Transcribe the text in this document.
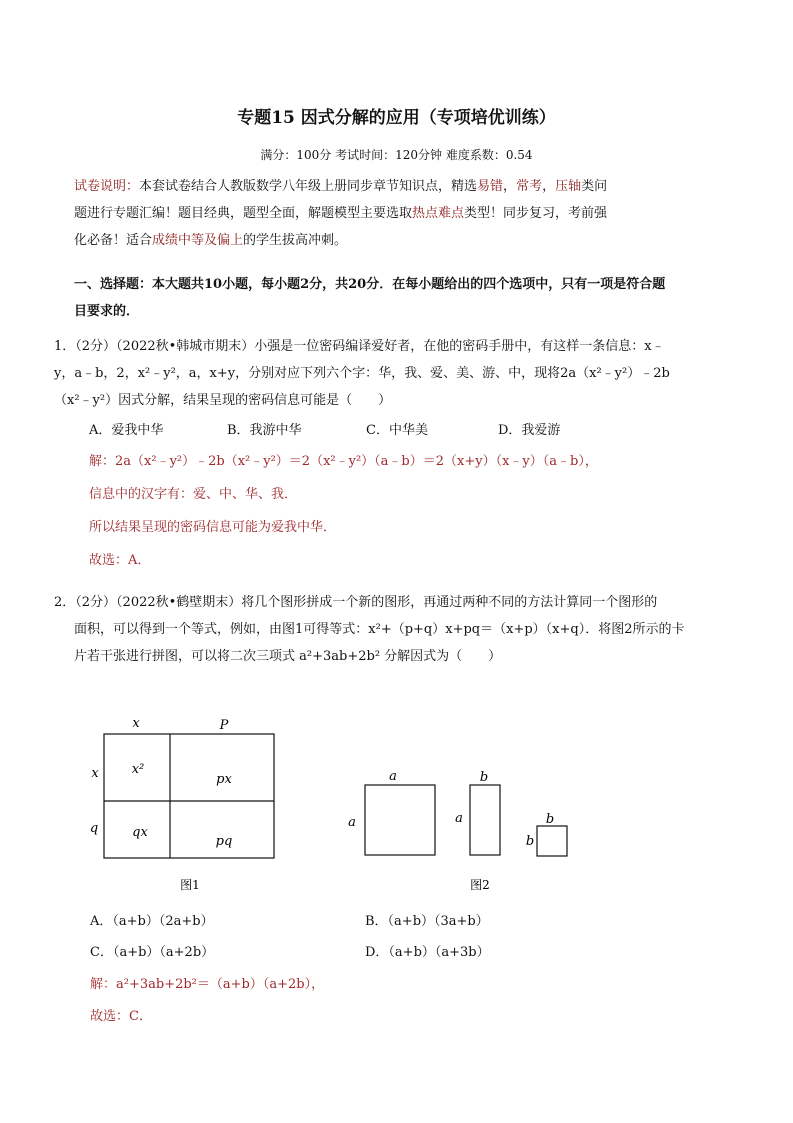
专题15 因式分解的应用（专项培优训练）
满分：100分 考试时间：120分钟 难度系数：0.54
试卷说明：本套试卷结合人教版数学八年级上册同步章节知识点，精选易错，常考，压轴类问
题进行专题汇编！题目经典，题型全面，解题模型主要选取热点难点类型！同步复习，考前强
化必备！适合成绩中等及偏上的学生拔高冲刺。
一、选择题：本大题共10小题，每小题2分，共20分．在每小题给出的四个选项中，只有一项是符合题
目要求的．
1．（2分）（2022秋•韩城市期末）小强是一位密码编译爱好者，在他的密码手册中，有这样一条信息：x﹣
y，a﹣b，2，x²﹣y²，a，x+y，分别对应下列六个字：华，我、爱、美、游、中，现将2a（x²﹣y²）﹣2b
（x²﹣y²）因式分解，结果呈现的密码信息可能是（　　）
A．爱我中华	B．我游中华	C．中华美	D．我爱游
解：2a（x²﹣y²）﹣2b（x²﹣y²）＝2（x²﹣y²）（a﹣b）＝2（x+y）（x﹣y）（a﹣b），
信息中的汉字有：爱、中、华、我．
所以结果呈现的密码信息可能为爱我中华．
故选：A．
2．（2分）（2022秋•鹤壁期末）将几个图形拼成一个新的图形，再通过两种不同的方法计算同一个图形的
面积，可以得到一个等式，例如，由图1可得等式：x²+（p+q）x+pq＝（x+p）（x+q）．将图2所示的卡
片若干张进行拼图，可以将二次三项式 a²+3ab+2b² 分解因式为（　　）
x	P
x
q
x²
px
qx
pq
图1
a
a
b
a	b
b
图2
A．（a+b）（2a+b）	B．（a+b）（3a+b）
C．（a+b）（a+2b）	D．（a+b）（a+3b）
解：a²+3ab+2b²＝（a+b）（a+2b），
故选：C．
